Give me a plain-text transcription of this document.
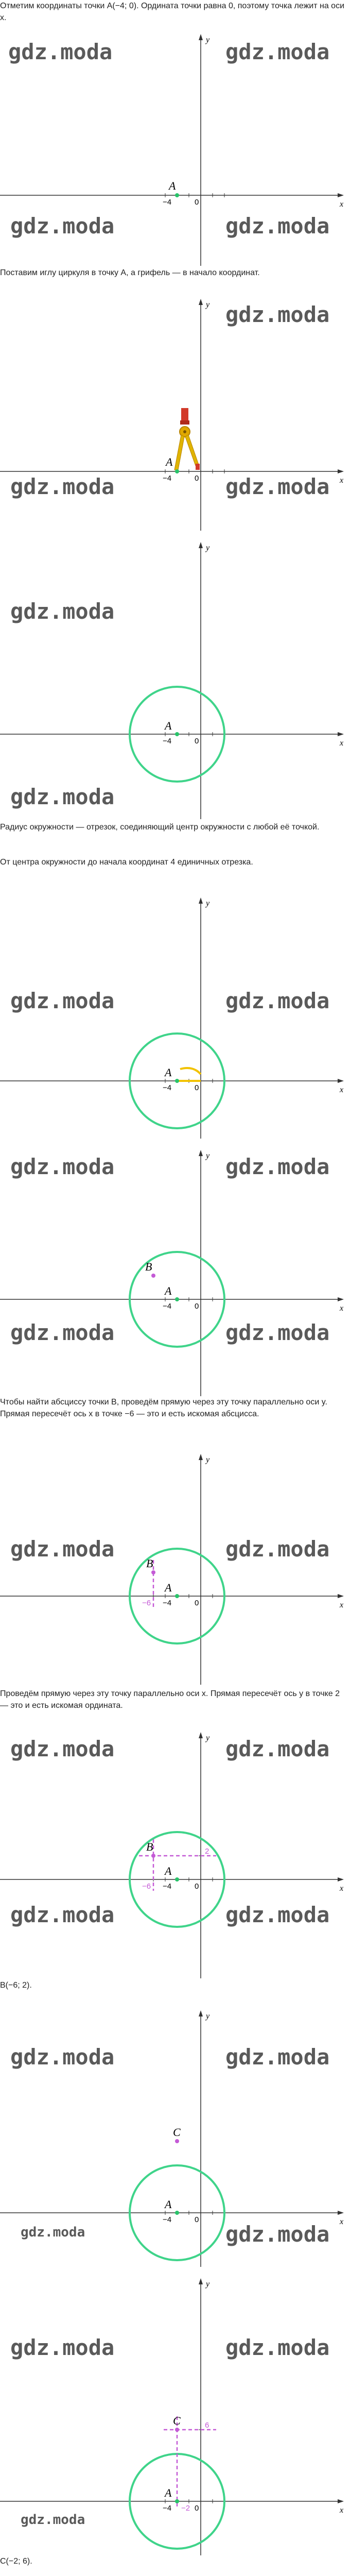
Отметим координаты точки A(−4; 0). Ордината точки равна 0, поэтому точка лежит на оси x.

x
y
0
−4
A
gdz.moda	gdz.moda
gdz.moda	gdz.moda

Поставим иглу циркуля в точку A, а грифель — в начало координат.

x
y
0
−4
A
gdz.moda
gdz.moda	gdz.moda
x
y
0
−4
A
gdz.moda
gdz.moda

Радиус окружности — отрезок, соединяющий центр окружности с любой её точкой.

От центра окружности до начала координат 4 единичных отрезка.

x
y
0
−4
A
gdz.moda	gdz.moda
x
y
0
−4
A
B
gdz.moda	gdz.moda
gdz.moda	gdz.moda

Чтобы найти абсциссу точки B, проведём прямую через эту точку параллельно оси y. Прямая пересечёт ось x в точке −6 — это и есть искомая абсцисса.

x
y
0
−4
−6
A
B
gdz.moda	gdz.moda

Проведём прямую через эту точку параллельно оси x. Прямая пересечёт ось y в точке 2 — это и есть искомая ордината.

x
y
0
−4
−6
2
A
B
gdz.moda	gdz.moda
gdz.moda	gdz.moda

B(−6; 2).

x
y
0
−4
A
C
gdz.moda	gdz.moda
gdz.moda	gdz.moda
x
y
0
−4 −2
6
A
C
gdz.moda	gdz.moda
gdz.moda

C(−2; 6).
